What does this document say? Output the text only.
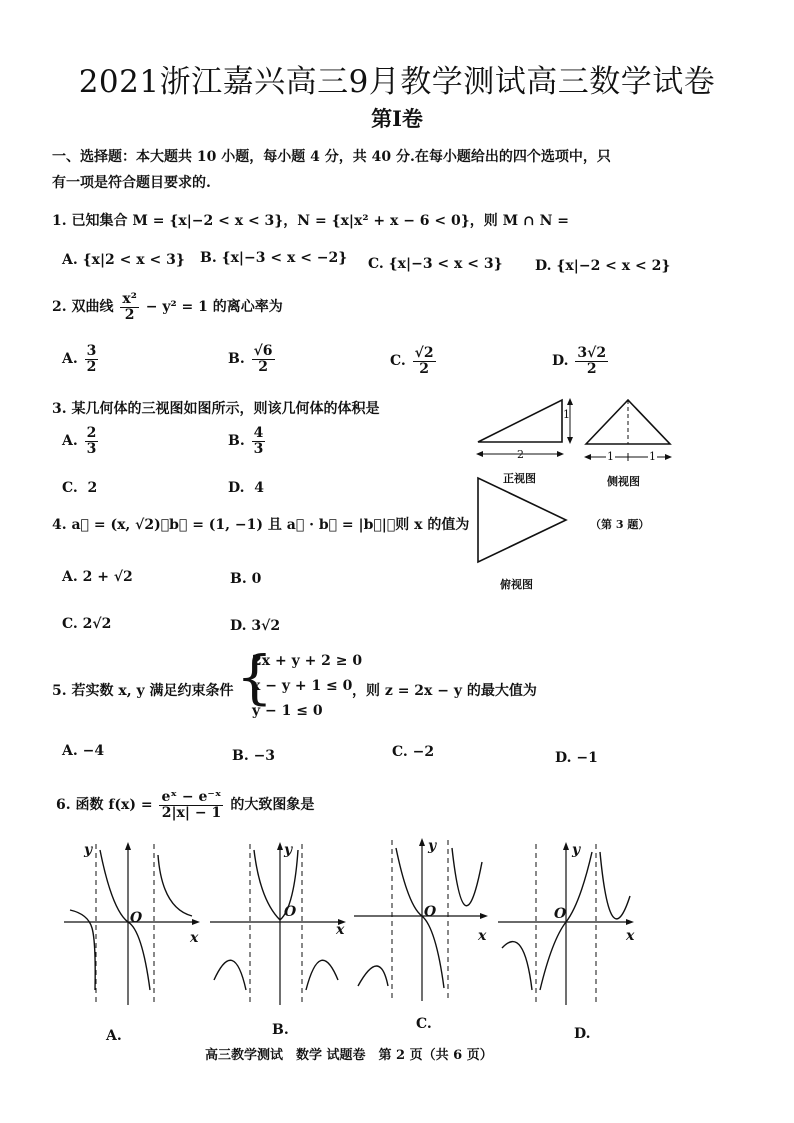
2021浙江嘉兴高三9月教学测试高三数学试卷
第I卷
一、选择题：本大题共 10 小题，每小题 4 分，共 40 分.在每小题给出的四个选项中，只
有一项是符合题目要求的.
1. 已知集合 M = {x|−2 < x < 3}，N = {x|x² + x − 6 < 0}，则 M ∩ N =
A. {x|2 < x < 3} B. {x|−3 < x < −2} C. {x|−3 < x < 3} D. {x|−2 < x < 2}
2. 双曲线 $\frac{\text{x²}}{2} - y^2 = 1$ 的离心率为
A. $\frac{3}{2}$	B. $\frac{√6}{2}$	C. $\frac{√2}{2}$	D. $\frac{3√2}{2}$
3. 某几何体的三视图如图所示，则该几何体的体积是
A. $\frac{2}{3}$	B. $\frac{4}{3}$
C. 2	D. 4
1
2	1	1
正视图	侧视图
俯视图
（第 3 题）
4. a⃗ = (x, √2)，b⃗ = (1, −1) 且 a⃗ · b⃗ = |b⃗|，则 x 的值为
A. 2 + √2	B. 0
C. 2√2	D. 3√2
5. 若实数 x, y 满足约束条件 {
2x + y + 2 ≥ 0
x − y + 1 ≤ 0
y − 1 ≤ 0
，则 z = 2x − y 的最大值为
A. −4	B. −3	C. −2	D. −1
6. 函数 $f(x) = \frac{\text{eˣ − e⁻ˣ}}{2|x| - 1}$ 的大致图象是
y
x
O
A.
y
x
O
B.
y
x
O
C.
y
x
O
D.
高三教学测试　数学 试题卷　第 2 页（共 6 页）
